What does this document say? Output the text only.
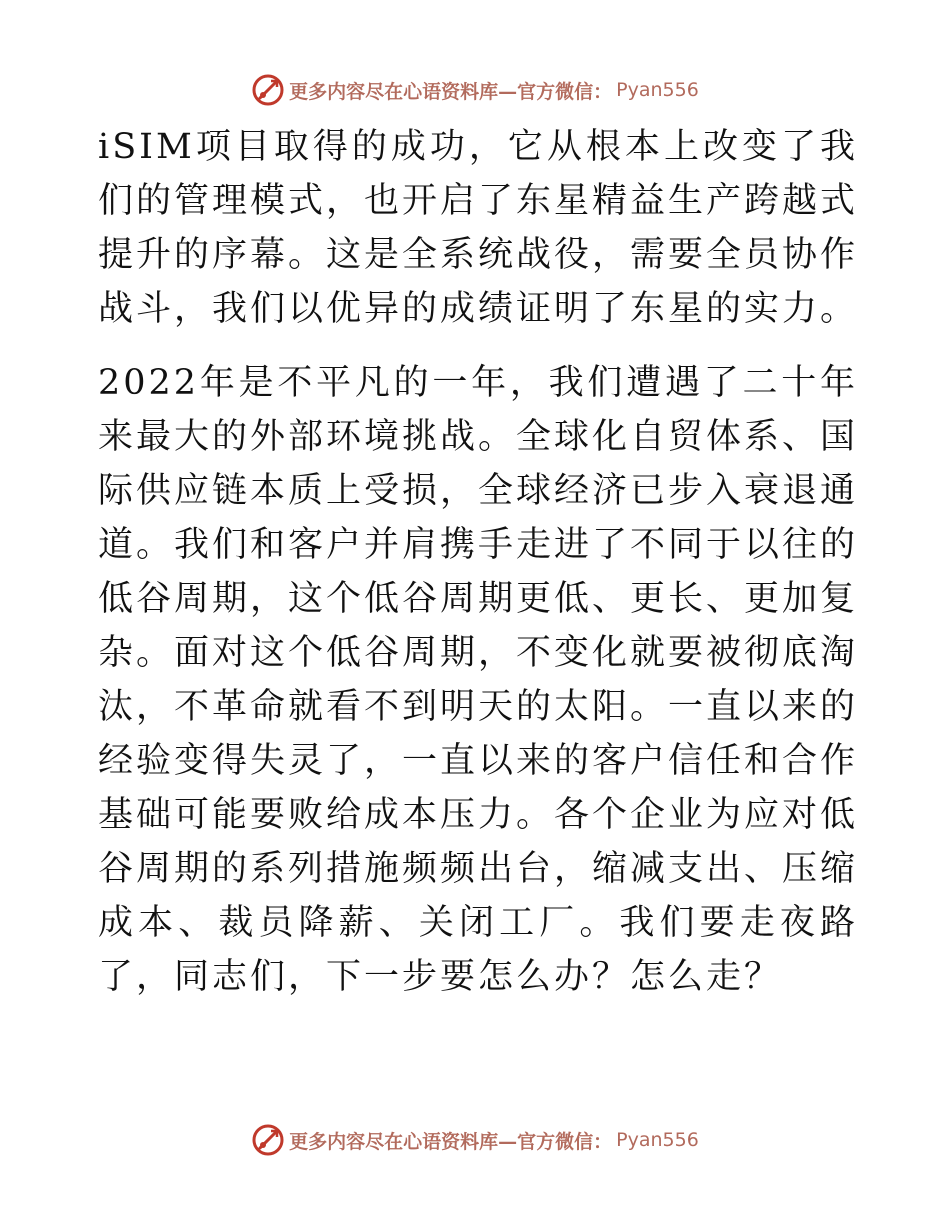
更多内容尽在心语资料库—官方微信： Pyan556

iSIM项目取得的成功，它从根本上改变了我们的管理模式，也开启了东星精益生产跨越式提升的序幕。这是全系统战役，需要全员协作战斗，我们以优异的成绩证明了东星的实力。

2022年是不平凡的一年，我们遭遇了二十年来最大的外部环境挑战。全球化自贸体系、国际供应链本质上受损，全球经济已步入衰退通道。我们和客户并肩携手走进了不同于以往的低谷周期，这个低谷周期更低、更长、更加复杂。面对这个低谷周期，不变化就要被彻底淘汰，不革命就看不到明天的太阳。一直以来的经验变得失灵了，一直以来的客户信任和合作基础可能要败给成本压力。各个企业为应对低谷周期的系列措施频频出台，缩减支出、压缩成本、裁员降薪、关闭工厂。我们要走夜路了，同志们，下一步要怎么办？怎么走？

更多内容尽在心语资料库—官方微信： Pyan556
